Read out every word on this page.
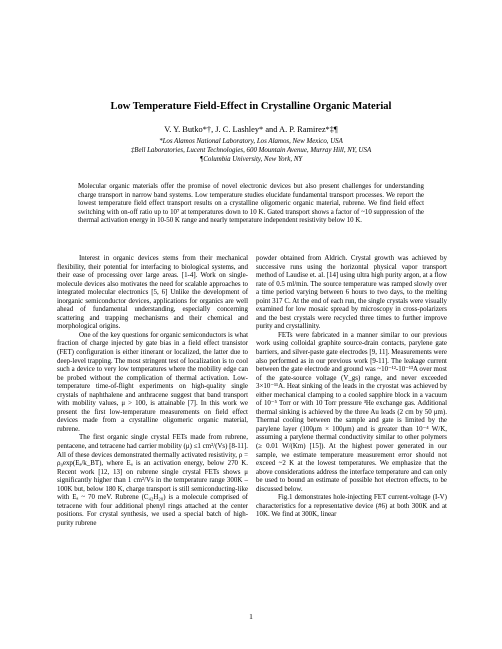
Low Temperature Field-Effect in Crystalline Organic Material
V. Y. Butko*†, J. C. Lashley* and A. P. Ramirez*‡¶
*Los Alamos National Laboratory, Los Alamos, New Mexico, USA
‡Bell Laboratories, Lucent Technologies, 600 Mountain Avenue, Murray Hill, NY, USA
¶Columbia University, New York, NY
Molecular organic materials offer the promise of novel electronic devices but also present challenges for understanding charge transport in narrow band systems. Low temperature studies elucidate fundamental transport processes. We report the lowest temperature field effect transport results on a crystalline oligomeric organic material, rubrene. We find field effect switching with on-off ratio up to 10⁷ at temperatures down to 10 K. Gated transport shows a factor of ~10 suppression of the thermal activation energy in 10-50 K range and nearly temperature independent resistivity below 10 K.

Interest in organic devices stems from their mechanical flexibility, their potential for interfacing to biological systems, and their ease of processing over large areas. [1-4]. Work on single-molecule devices also motivates the need for scalable approaches to integrated molecular electronics [5, 6] Unlike the development of inorganic semiconductor devices, applications for organics are well ahead of fundamental understanding, especially concerning scattering and trapping mechanisms and their chemical and morphological origins.

One of the key questions for organic semiconductors is what fraction of charge injected by gate bias in a field effect transistor (FET) configuration is either itinerant or localized, the latter due to deep-level trapping. The most stringent test of localization is to cool such a device to very low temperatures where the mobility edge can be probed without the complication of thermal activation. Low-temperature time-of-flight experiments on high-quality single crystals of naphthalene and anthracene suggest that band transport with mobility values, μ > 100, is attainable [7]. In this work we present the first low-temperature measurements on field effect devices made from a crystalline oligomeric organic material, rubrene.

The first organic single crystal FETs made from rubrene, pentacene, and tetracene had carrier mobility (μ) ≤1 cm²/(Vs) [8-11]. All of these devices demonstrated thermally activated resistivity, ρ = ρ₀exp(Eₐ/k_BT), where Eₐ is an activation energy, below 270 K. Recent work [12, 13] on rubrene single crystal FETs shows μ significantly higher than 1 cm²/Vs in the temperature range 300K – 100K but, below 180 K, charge transport is still semiconducting-like with Eₐ ~ 70 meV. Rubrene (C₄₂H₂₈) is a molecule comprised of tetracene with four additional phenyl rings attached at the center positions. For crystal synthesis, we used a special batch of high-purity rubrene

powder obtained from Aldrich. Crystal growth was achieved by successive runs using the horizontal physical vapor transport method of Laudise et. al. [14] using ultra high purity argon, at a flow rate of 0.5 ml/min. The source temperature was ramped slowly over a time period varying between 6 hours to two days, to the melting point 317 C. At the end of each run, the single crystals were visually examined for low mosaic spread by microscopy in cross-polarizers and the best crystals were recycled three times to further improve purity and crystallinity.

FETs were fabricated in a manner similar to our previous work using colloidal graphite source-drain contacts, parylene gate barriers, and silver-paste gate electrodes [9, 11]. Measurements were also performed as in our previous work [9-11]. The leakage current between the gate electrode and ground was ~10⁻¹²-10⁻¹³A over most of the gate-source voltage (V_gs) range, and never exceeded 3×10⁻¹¹A. Heat sinking of the leads in the cryostat was achieved by either mechanical clamping to a cooled sapphire block in a vacuum of 10⁻⁵ Torr or with 10 Torr pressure ³He exchange gas. Additional thermal sinking is achieved by the three Au leads (2 cm by 50 μm). Thermal cooling between the sample and gate is limited by the parylene layer (100μm × 100μm) and is greater than 10⁻⁴ W/K, assuming a parylene thermal conductivity similar to other polymers (≥ 0.01 W/(Km) [15]). At the highest power generated in our sample, we estimate temperature measurement error should not exceed ~2 K at the lowest temperatures. We emphasize that the above considerations address the interface temperature and can only be used to bound an estimate of possible hot electron effects, to be discussed below.

Fig.1 demonstrates hole-injecting FET current-voltage (I-V) characteristics for a representative device (#6) at both 300K and at 10K. We find at 300K, linear

1
